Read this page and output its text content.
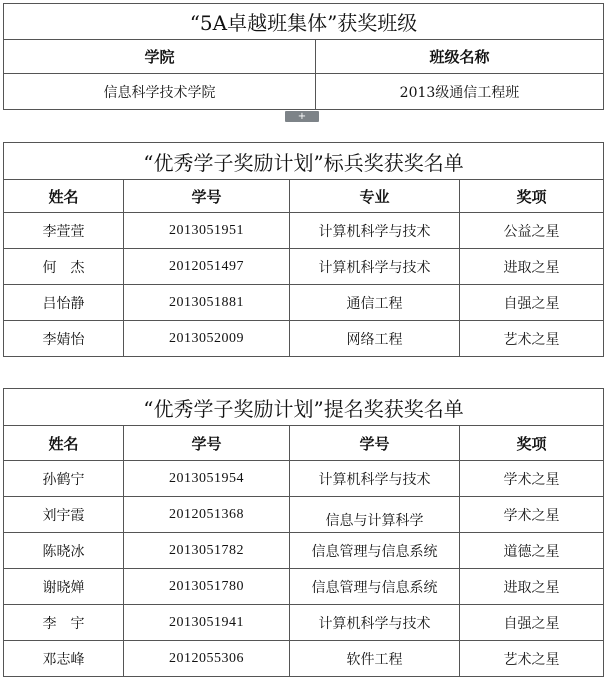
“5A卓越班集体”获奖班级	
学院	班级名称
信息科学技术学院	2013级通信工程班
+
“优秀学子奖励计划”标兵奖获奖名单			
姓名	学号	专业	奖项
李萱萱	2013051951	计算机科学与技术	公益之星
何　杰	2012051497	计算机科学与技术	进取之星
吕怡静	2013051881	通信工程	自强之星
李婧怡	2013052009	网络工程	艺术之星
“优秀学子奖励计划”提名奖获奖名单			
姓名	学号	学号	奖项
孙鹤宁	2013051954	计算机科学与技术	学术之星
刘宇霞	2012051368	信息与计算科学	学术之星
陈晓冰	2013051782	信息管理与信息系统	道德之星
谢晓婵	2013051780	信息管理与信息系统	进取之星
李　宇	2013051941	计算机科学与技术	自强之星
邓志峰	2012055306	软件工程	艺术之星
